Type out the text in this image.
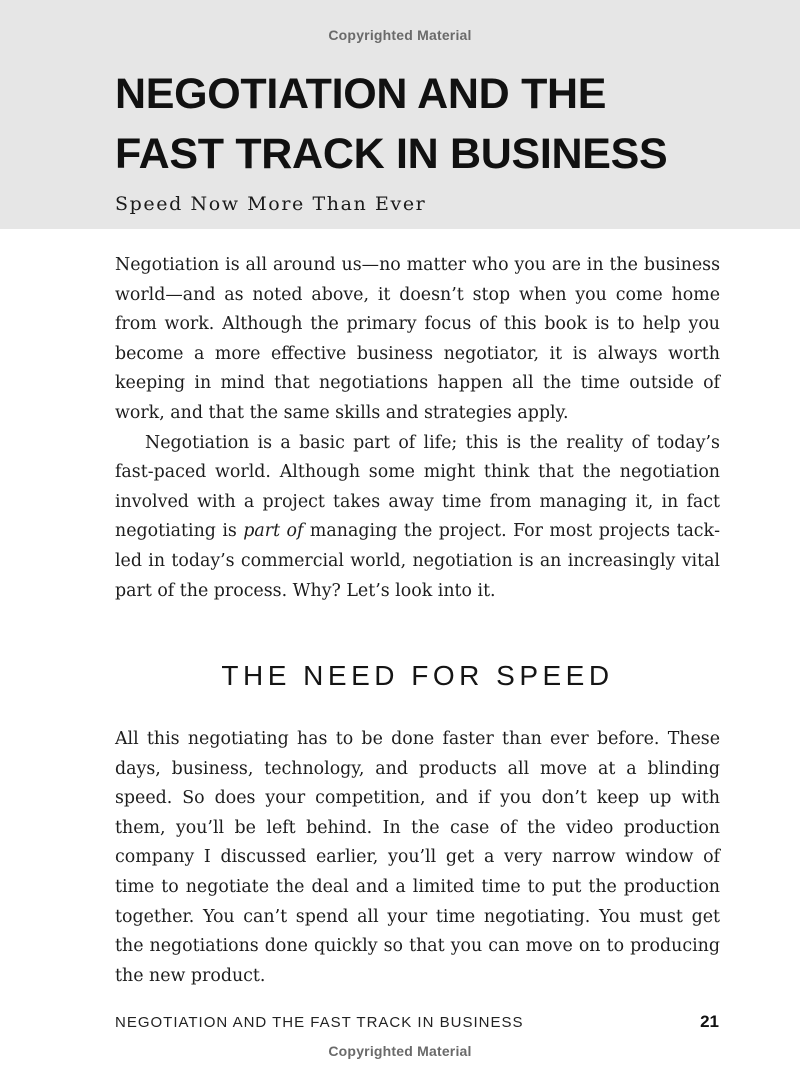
Copyrighted Material
NEGOTIATION AND THE FAST TRACK IN BUSINESS
Speed Now More Than Ever

Negotiation is all around us—no matter who you are in the business world—and as noted above, it doesn’t stop when you come home from work. Although the primary focus of this book is to help you become a more effective business negotiator, it is always worth keeping in mind that negotiations happen all the time outside of work, and that the same skills and strategies apply.

Negotiation is a basic part of life; this is the reality of today’s fast-paced world. Although some might think that the negotiation involved with a project takes away time from managing it, in fact negotiating is part of managing the project. For most projects tackled in today’s commercial world, negotiation is an increasingly vital part of the process. Why? Let’s look into it.

THE NEED FOR SPEED

All this negotiating has to be done faster than ever before. These days, business, technology, and products all move at a blinding speed. So does your competition, and if you don’t keep up with them, you’ll be left behind. In the case of the video production company I discussed earlier, you’ll get a very narrow window of time to negotiate the deal and a limited time to put the production together. You can’t spend all your time negotiating. You must get the negotiations done quickly so that you can move on to producing the new product.

NEGOTIATION AND THE FAST TRACK IN BUSINESS	21
Copyrighted Material
